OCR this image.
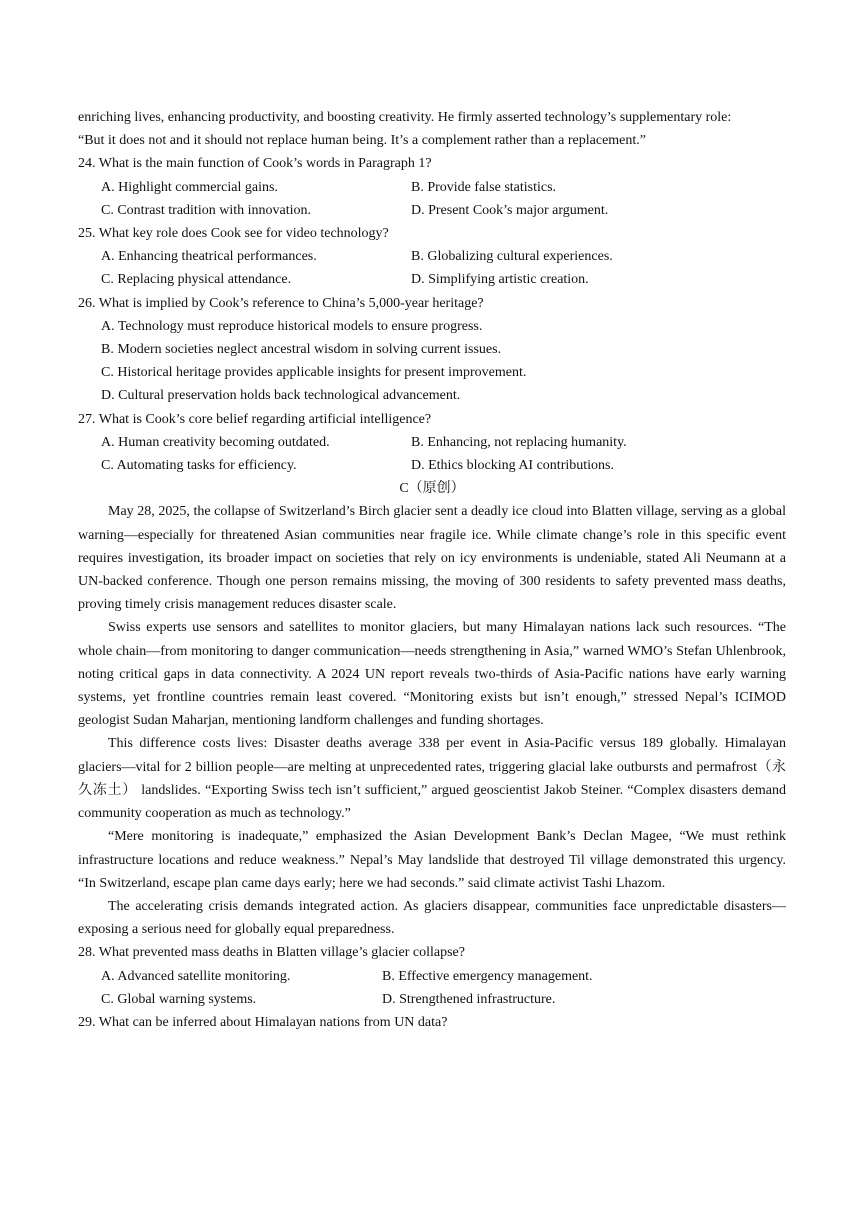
enriching lives, enhancing productivity, and boosting creativity. He firmly asserted technology’s supplementary role:

“But it does not and it should not replace human being. It’s a complement rather than a replacement.”

24. What is the main function of Cook’s words in Paragraph 1?

A. Highlight commercial gains.	B. Provide false statistics.
C. Contrast tradition with innovation.	D. Present Cook’s major argument.

25. What key role does Cook see for video technology?

A. Enhancing theatrical performances.	B. Globalizing cultural experiences.
C. Replacing physical attendance.	D. Simplifying artistic creation.

26. What is implied by Cook’s reference to China’s 5,000-year heritage?

A. Technology must reproduce historical models to ensure progress.

B. Modern societies neglect ancestral wisdom in solving current issues.

C. Historical heritage provides applicable insights for present improvement.

D. Cultural preservation holds back technological advancement.

27. What is Cook’s core belief regarding artificial intelligence?

A. Human creativity becoming outdated.	B. Enhancing, not replacing humanity.
C. Automating tasks for efficiency.	D. Ethics blocking AI contributions.

C（原创）

May 28, 2025, the collapse of Switzerland’s Birch glacier sent a deadly ice cloud into Blatten village, serving as a global warning—especially for threatened Asian communities near fragile ice. While climate change’s role in this specific event requires investigation, its broader impact on societies that rely on icy environments is undeniable, stated Ali Neumann at a UN-backed conference. Though one person remains missing, the moving of 300 residents to safety prevented mass deaths, proving timely crisis management reduces disaster scale.

Swiss experts use sensors and satellites to monitor glaciers, but many Himalayan nations lack such resources. “The whole chain—from monitoring to danger communication—needs strengthening in Asia,” warned WMO’s Stefan Uhlenbrook, noting critical gaps in data connectivity. A 2024 UN report reveals two-thirds of Asia-Pacific nations have early warning systems, yet frontline countries remain least covered. “Monitoring exists but isn’t enough,” stressed Nepal’s ICIMOD geologist Sudan Maharjan, mentioning landform challenges and funding shortages.

This difference costs lives: Disaster deaths average 338 per event in Asia-Pacific versus 189 globally. Himalayan glaciers—vital for 2 billion people—are melting at unprecedented rates, triggering glacial lake outbursts and permafrost（永久冻土） landslides. “Exporting Swiss tech isn’t sufficient,” argued geoscientist Jakob Steiner. “Complex disasters demand community cooperation as much as technology.”

“Mere monitoring is inadequate,” emphasized the Asian Development Bank’s Declan Magee, “We must rethink infrastructure locations and reduce weakness.” Nepal’s May landslide that destroyed Til village demonstrated this urgency. “In Switzerland, escape plan came days early; here we had seconds.” said climate activist Tashi Lhazom.

The accelerating crisis demands integrated action. As glaciers disappear, communities face unpredictable disasters—exposing a serious need for globally equal preparedness.

28. What prevented mass deaths in Blatten village’s glacier collapse?

A. Advanced satellite monitoring.	B. Effective emergency management.
C. Global warning systems.	D. Strengthened infrastructure.

29. What can be inferred about Himalayan nations from UN data?
